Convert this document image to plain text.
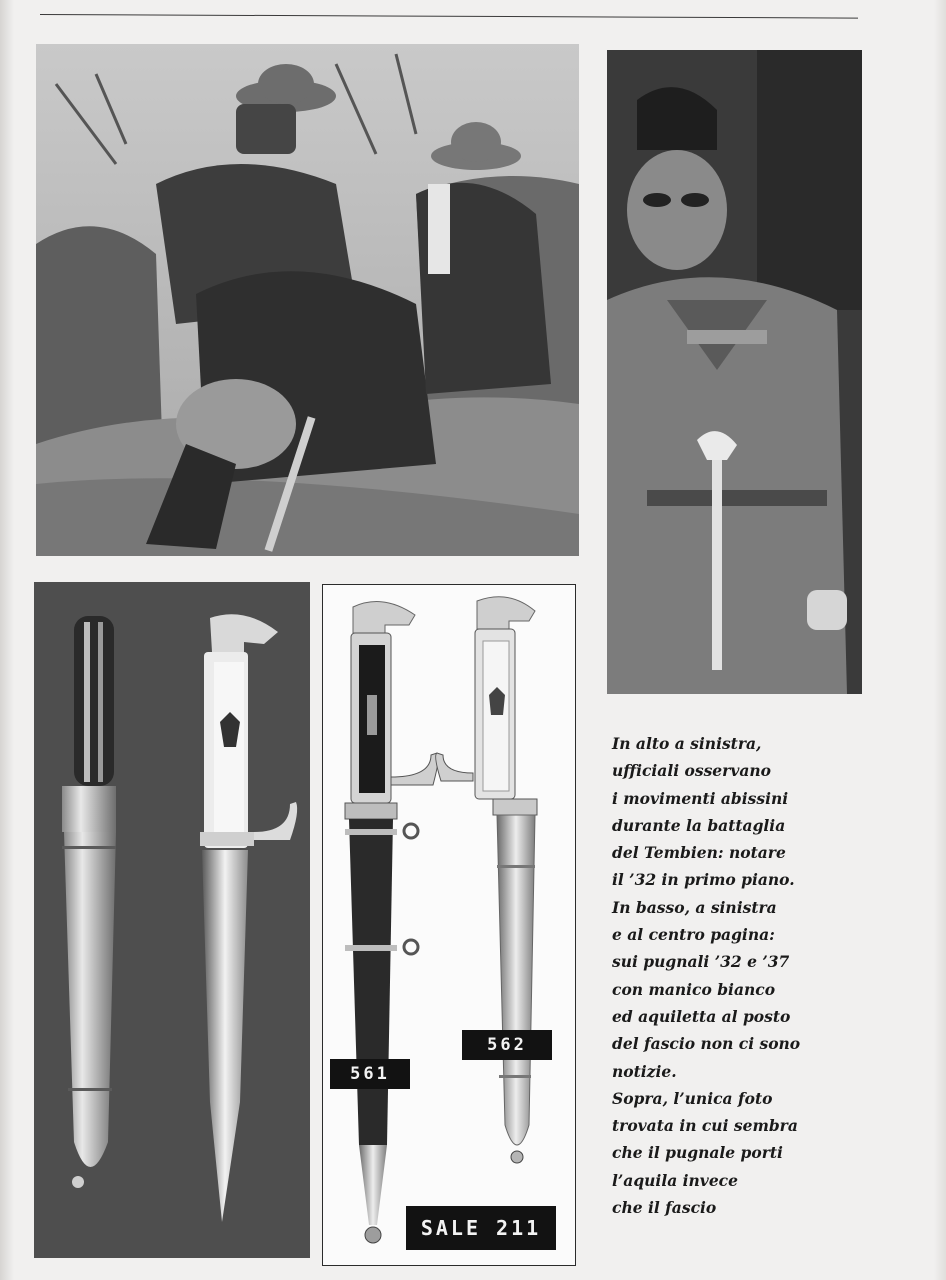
561
562
SALE 211
In alto a sinistra,
ufficiali osservano
i movimenti abissini
durante la battaglia
del Tembien: notare
il ’32 in primo piano.
In basso, a sinistra
e al centro pagina:
sui pugnali ’32 e ’37
con manico bianco
ed aquiletta al posto
del fascio non ci sono
notizie.
Sopra, l’unica foto
trovata in cui sembra
che il pugnale porti
l’aquila invece
che il fascio
